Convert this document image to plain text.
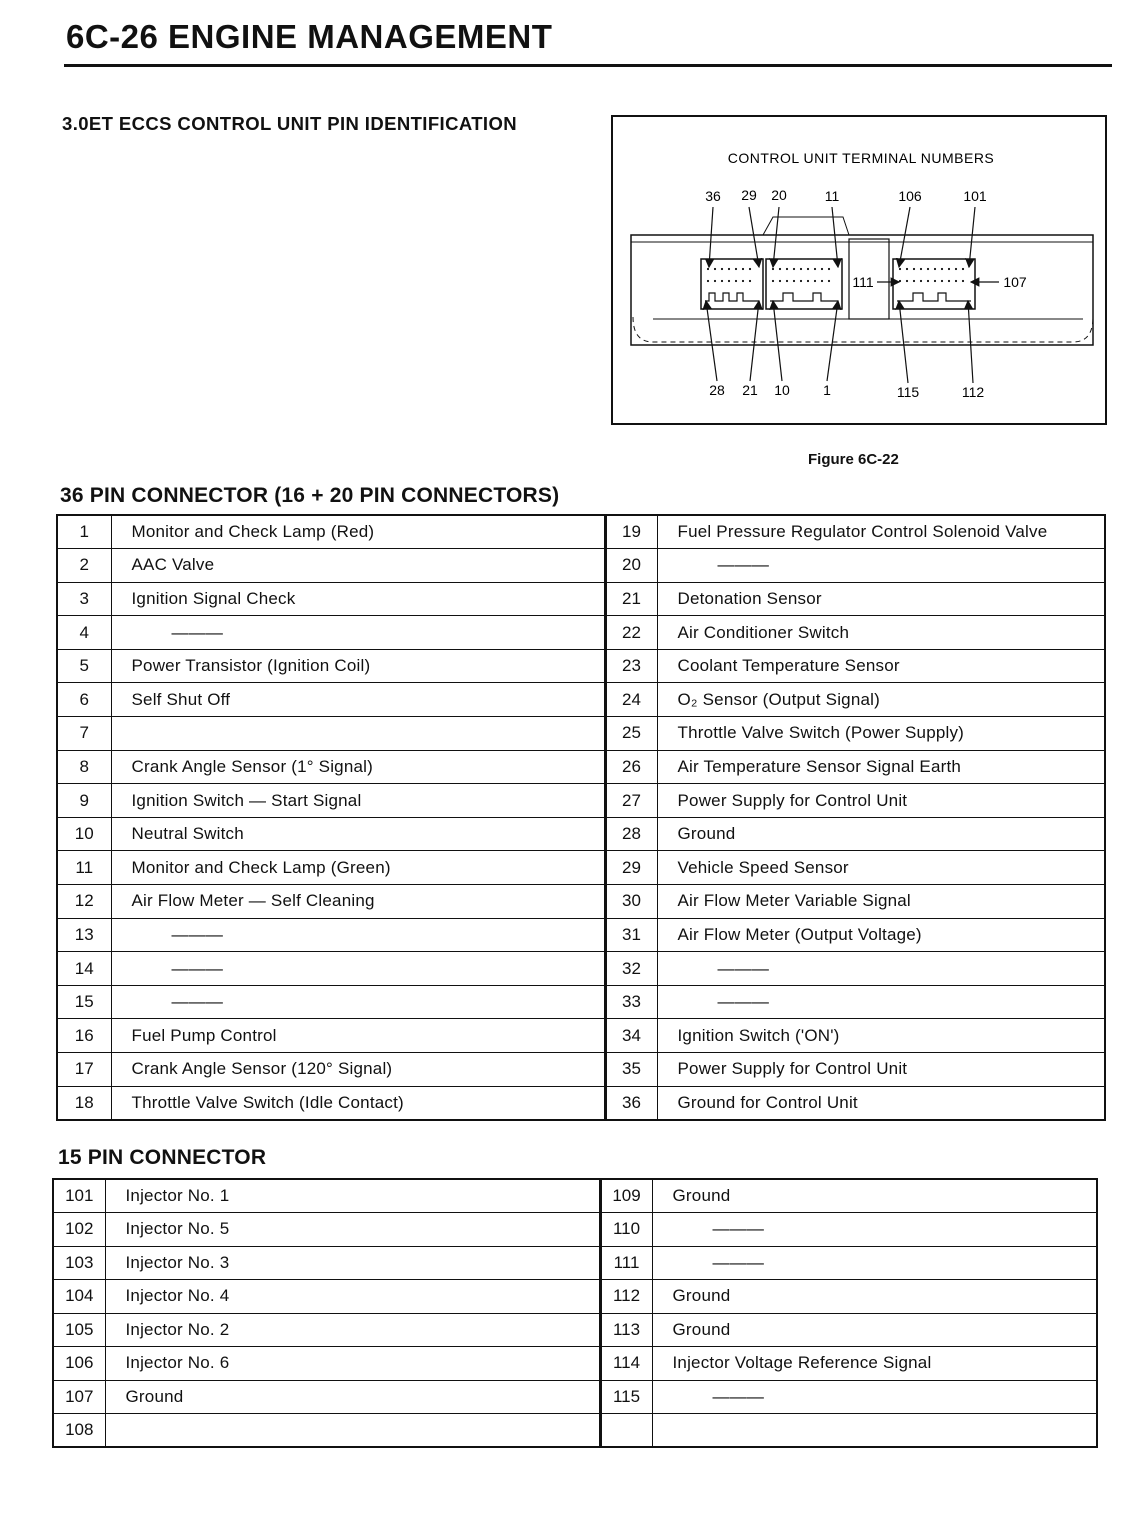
6C-26 ENGINE MANAGEMENT
3.0ET ECCS CONTROL UNIT PIN IDENTIFICATION
CONTROL UNIT TERMINAL NUMBERS
36 29 20	11	106	101
28 21 10 1	115	112
111	107
Figure 6C-22
36 PIN CONNECTOR (16 + 20 PIN CONNECTORS)
1	Monitor and Check Lamp (Red)	19	Fuel Pressure Regulator Control Solenoid Valve
2	AAC Valve	20	———
3	Ignition Signal Check	21	Detonation Sensor
4	———	22	Air Conditioner Switch
5	Power Transistor (Ignition Coil)	23	Coolant Temperature Sensor
6	Self Shut Off	24	O₂ Sensor (Output Signal)
7		25	Throttle Valve Switch (Power Supply)
8	Crank Angle Sensor (1° Signal)	26	Air Temperature Sensor Signal Earth
9	Ignition Switch — Start Signal	27	Power Supply for Control Unit
10	Neutral Switch	28	Ground
11	Monitor and Check Lamp (Green)	29	Vehicle Speed Sensor
12	Air Flow Meter — Self Cleaning	30	Air Flow Meter Variable Signal
13	———	31	Air Flow Meter (Output Voltage)
14	———	32	———
15	———	33	———
16	Fuel Pump Control	34	Ignition Switch ('ON')
17	Crank Angle Sensor (120° Signal)	35	Power Supply for Control Unit
18	Throttle Valve Switch (Idle Contact)	36	Ground for Control Unit
15 PIN CONNECTOR
101	Injector No. 1	109	Ground
102	Injector No. 5	110	———
103	Injector No. 3	111	———
104	Injector No. 4	112	Ground
105	Injector No. 2	113	Ground
106	Injector No. 6	114	Injector Voltage Reference Signal
107	Ground	115	———
108			
